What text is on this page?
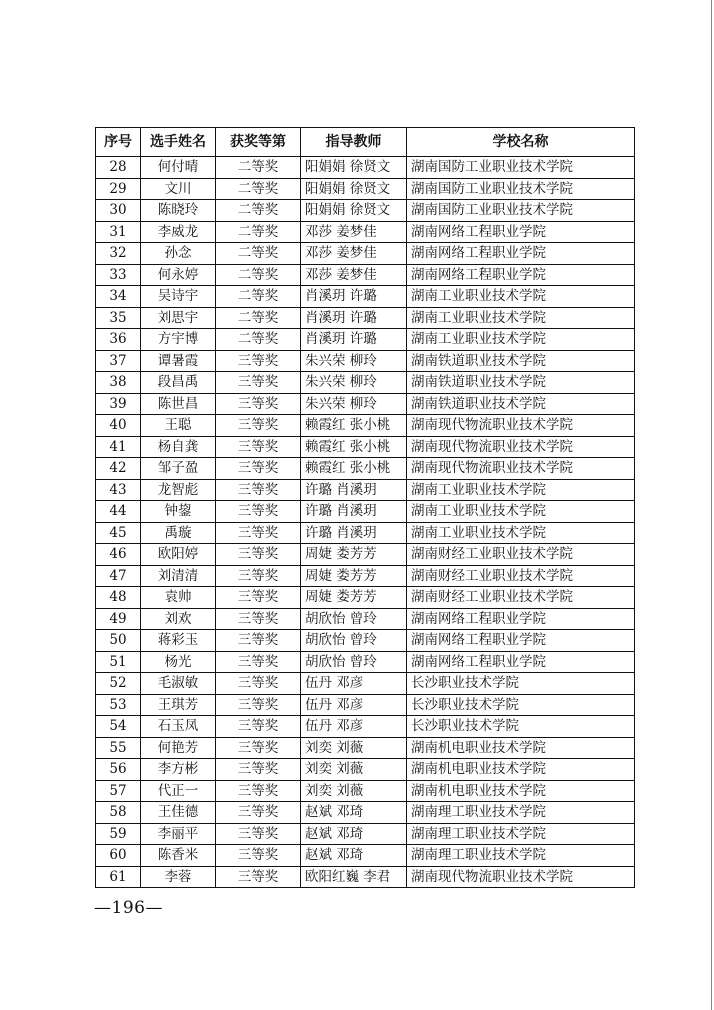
序号	选手姓名	获奖等第	指导教师	学校名称
28	何付晴	二等奖	阳娟娟 徐贤文	湖南国防工业职业技术学院
29	文川	二等奖	阳娟娟 徐贤文	湖南国防工业职业技术学院
30	陈晓玲	二等奖	阳娟娟 徐贤文	湖南国防工业职业技术学院
31	李威龙	二等奖	邓莎 姜梦佳	湖南网络工程职业学院
32	孙念	二等奖	邓莎 姜梦佳	湖南网络工程职业学院
33	何永婷	二等奖	邓莎 姜梦佳	湖南网络工程职业学院
34	吴诗宇	二等奖	肖溪玥 许璐	湖南工业职业技术学院
35	刘思宇	二等奖	肖溪玥 许璐	湖南工业职业技术学院
36	方宇博	二等奖	肖溪玥 许璐	湖南工业职业技术学院
37	谭暑霞	三等奖	朱兴荣 柳玲	湖南铁道职业技术学院
38	段昌禹	三等奖	朱兴荣 柳玲	湖南铁道职业技术学院
39	陈世昌	三等奖	朱兴荣 柳玲	湖南铁道职业技术学院
40	王聪	三等奖	赖霞红 张小桃	湖南现代物流职业技术学院
41	杨自龚	三等奖	赖霞红 张小桃	湖南现代物流职业技术学院
42	邹子盈	三等奖	赖霞红 张小桃	湖南现代物流职业技术学院
43	龙智彪	三等奖	许璐 肖溪玥	湖南工业职业技术学院
44	钟鋆	三等奖	许璐 肖溪玥	湖南工业职业技术学院
45	禹璇	三等奖	许璐 肖溪玥	湖南工业职业技术学院
46	欧阳婷	三等奖	周婕 娄芳芳	湖南财经工业职业技术学院
47	刘清清	三等奖	周婕 娄芳芳	湖南财经工业职业技术学院
48	袁帅	三等奖	周婕 娄芳芳	湖南财经工业职业技术学院
49	刘欢	三等奖	胡欣怡 曾玲	湖南网络工程职业学院
50	蒋彩玉	三等奖	胡欣怡 曾玲	湖南网络工程职业学院
51	杨光	三等奖	胡欣怡 曾玲	湖南网络工程职业学院
52	毛淑敏	三等奖	伍丹 邓彦	长沙职业技术学院
53	王琪芳	三等奖	伍丹 邓彦	长沙职业技术学院
54	石玉凤	三等奖	伍丹 邓彦	长沙职业技术学院
55	何艳芳	三等奖	刘奕 刘薇	湖南机电职业技术学院
56	李方彬	三等奖	刘奕 刘薇	湖南机电职业技术学院
57	代正一	三等奖	刘奕 刘薇	湖南机电职业技术学院
58	王佳德	三等奖	赵斌 邓琦	湖南理工职业技术学院
59	李丽平	三等奖	赵斌 邓琦	湖南理工职业技术学院
60	陈香米	三等奖	赵斌 邓琦	湖南理工职业技术学院
61	李蓉	三等奖	欧阳红巍 李君	湖南现代物流职业技术学院
—196—
